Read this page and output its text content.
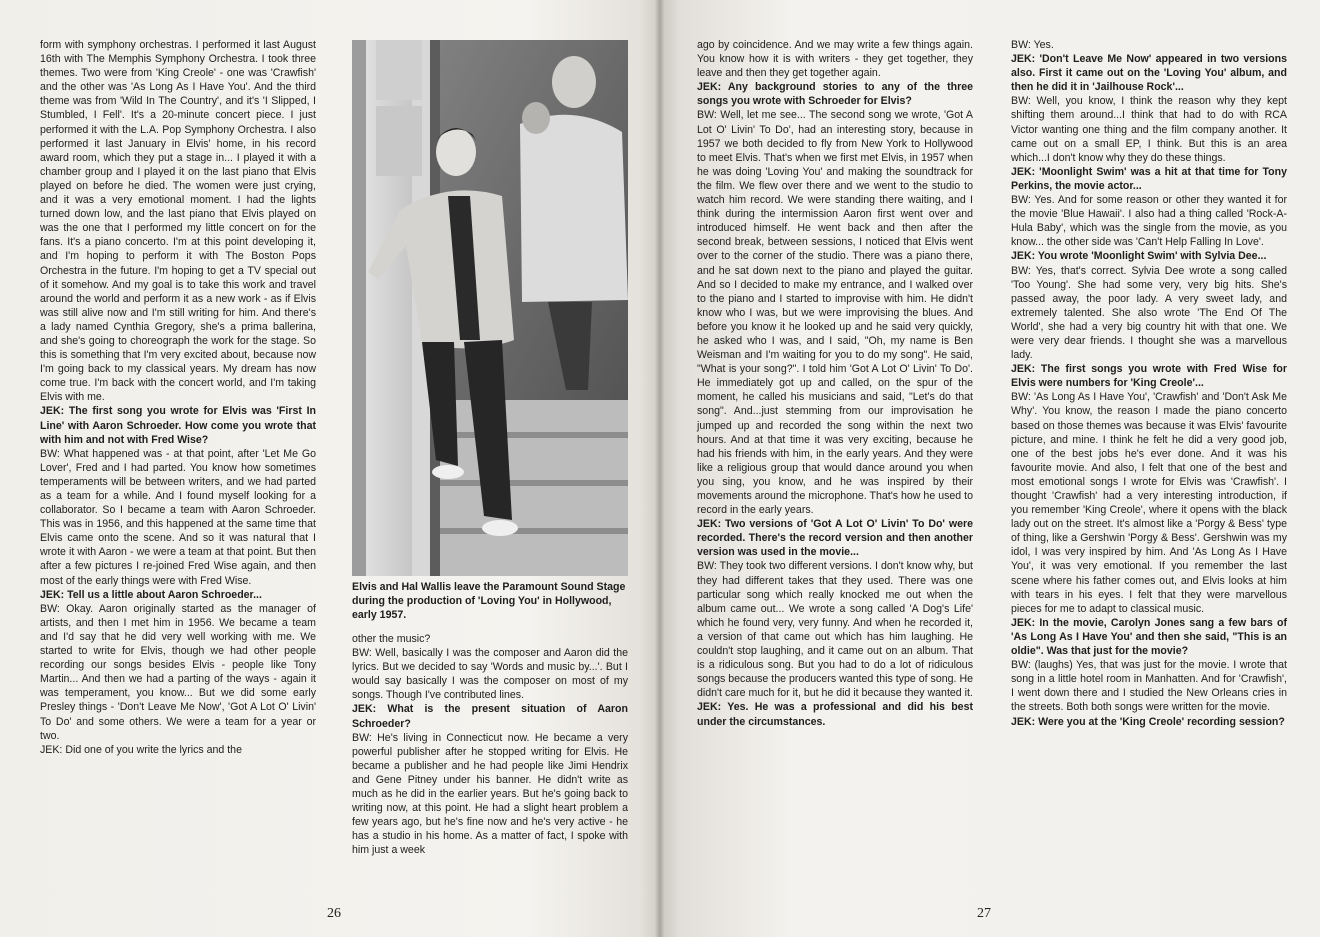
form with symphony orchestras. I performed it last August 16th with The Memphis Symphony Orchestra. I took three themes. Two were from 'King Creole' - one was 'Crawfish' and the other was 'As Long As I Have You'. And the third theme was from 'Wild In The Country', and it's 'I Slipped, I Stumbled, I Fell'. It's a 20-minute concert piece. I just performed it with the L.A. Pop Symphony Orchestra. I also performed it last January in Elvis' home, in his record award room, which they put a stage in... I played it with a chamber group and I played it on the last piano that Elvis played on before he died. The women were just crying, and it was a very emotional moment. I had the lights turned down low, and the last piano that Elvis played on was the one that I performed my little concert on for the fans. It's a piano concerto. I'm at this point developing it, and I'm hoping to perform it with The Boston Pops Orchestra in the future. I'm hoping to get a TV special out of it somehow. And my goal is to take this work and travel around the world and perform it as a new work - as if Elvis was still alive now and I'm still writing for him. And there's a lady named Cynthia Gregory, she's a prima ballerina, and she's going to choreograph the work for the stage. So this is something that I'm very excited about, because now I'm going back to my classical years. My dream has now come true. I'm back with the concert world, and I'm taking Elvis with me.

JEK: The first song you wrote for Elvis was 'First In Line' with Aaron Schroeder. How come you wrote that with him and not with Fred Wise?

BW: What happened was - at that point, after 'Let Me Go Lover', Fred and I had parted. You know how sometimes temperaments will be between writers, and we had parted as a team for a while. And I found myself looking for a collaborator. So I became a team with Aaron Schroeder. This was in 1956, and this happened at the same time that Elvis came onto the scene. And so it was natural that I wrote it with Aaron - we were a team at that point. But then after a few pictures I re-joined Fred Wise again, and then most of the early things were with Fred Wise.

JEK: Tell us a little about Aaron Schroeder...

BW: Okay. Aaron originally started as the manager of artists, and then I met him in 1956. We became a team and I'd say that he did very well working with me. We started to write for Elvis, though we had other people recording our songs besides Elvis - people like Tony Martin... And then we had a parting of the ways - again it was temperament, you know... But we did some early Presley things - 'Don't Leave Me Now', 'Got A Lot O' Livin' To Do' and some others. We were a team for a year or two.

JEK: Did one of you write the lyrics and the

Elvis and Hal Wallis leave the Paramount Sound Stage during the production of 'Loving You' in Hollywood, early 1957.

other the music?

BW: Well, basically I was the composer and Aaron did the lyrics. But we decided to say 'Words and music by...'. But I would say basically I was the composer on most of my songs. Though I've contributed lines.

JEK: What is the present situation of Aaron Schroeder?

BW: He's living in Connecticut now. He became a very powerful publisher after he stopped writing for Elvis. He became a publisher and he had people like Jimi Hendrix and Gene Pitney under his banner. He didn't write as much as he did in the earlier years. But he's going back to writing now, at this point. He had a slight heart problem a few years ago, but he's fine now and he's very active - he has a studio in his home. As a matter of fact, I spoke with him just a week

26

ago by coincidence. And we may write a few things again. You know how it is with writers - they get together, they leave and then they get together again.

JEK: Any background stories to any of the three songs you wrote with Schroeder for Elvis?

BW: Well, let me see... The second song we wrote, 'Got A Lot O' Livin' To Do', had an interesting story, because in 1957 we both decided to fly from New York to Hollywood to meet Elvis. That's when we first met Elvis, in 1957 when he was doing 'Loving You' and making the soundtrack for the film. We flew over there and we went to the studio to watch him record. We were standing there waiting, and I think during the intermission Aaron first went over and introduced himself. He went back and then after the second break, between sessions, I noticed that Elvis went over to the corner of the studio. There was a piano there, and he sat down next to the piano and played the guitar. And so I decided to make my entrance, and I walked over to the piano and I started to improvise with him. He didn't know who I was, but we were improvising the blues. And before you know it he looked up and he said very quickly, he asked who I was, and I said, "Oh, my name is Ben Weisman and I'm waiting for you to do my song". He said, "What is your song?". I told him 'Got A Lot O' Livin' To Do'. He immediately got up and called, on the spur of the moment, he called his musicians and said, "Let's do that song". And...just stemming from our improvisation he jumped up and recorded the song within the next two hours. And at that time it was very exciting, because he had his friends with him, in the early years. And they were like a religious group that would dance around you when you sing, you know, and he was inspired by their movements around the microphone. That's how he used to record in the early years.

JEK: Two versions of 'Got A Lot O' Livin' To Do' were recorded. There's the record version and then another version was used in the movie...

BW: They took two different versions. I don't know why, but they had different takes that they used. There was one particular song which really knocked me out when the album came out... We wrote a song called 'A Dog's Life' which he found very, very funny. And when he recorded it, a version of that came out which has him laughing. He couldn't stop laughing, and it came out on an album. That is a ridiculous song. But you had to do a lot of ridiculous songs because the producers wanted this type of song. He didn't care much for it, but he did it because they wanted it.

JEK: Yes. He was a professional and did his best under the circumstances.

BW: Yes.

JEK: 'Don't Leave Me Now' appeared in two versions also. First it came out on the 'Loving You' album, and then he did it in 'Jailhouse Rock'...

BW: Well, you know, I think the reason why they kept shifting them around...I think that had to do with RCA Victor wanting one thing and the film company another. It came out on a small EP, I think. But this is an area which...I don't know why they do these things.

JEK: 'Moonlight Swim' was a hit at that time for Tony Perkins, the movie actor...

BW: Yes. And for some reason or other they wanted it for the movie 'Blue Hawaii'. I also had a thing called 'Rock-A-Hula Baby', which was the single from the movie, as you know... the other side was 'Can't Help Falling In Love'.

JEK: You wrote 'Moonlight Swim' with Sylvia Dee...

BW: Yes, that's correct. Sylvia Dee wrote a song called 'Too Young'. She had some very, very big hits. She's passed away, the poor lady. A very sweet lady, and extremely talented. She also wrote 'The End Of The World', she had a very big country hit with that one. We were very dear friends. I thought she was a marvellous lady.

JEK: The first songs you wrote with Fred Wise for Elvis were numbers for 'King Creole'...

BW: 'As Long As I Have You', 'Crawfish' and 'Don't Ask Me Why'. You know, the reason I made the piano concerto based on those themes was because it was Elvis' favourite picture, and mine. I think he felt he did a very good job, one of the best jobs he's ever done. And it was his favourite movie. And also, I felt that one of the best and most emotional songs I wrote for Elvis was 'Crawfish'. I thought 'Crawfish' had a very interesting introduction, if you remember 'King Creole', where it opens with the black lady out on the street. It's almost like a 'Porgy & Bess' type of thing, like a Gershwin 'Porgy & Bess'. Gershwin was my idol, I was very inspired by him. And 'As Long As I Have You', it was very emotional. If you remember the last scene where his father comes out, and Elvis looks at him with tears in his eyes. I felt that they were marvellous pieces for me to adapt to classical music.

JEK: In the movie, Carolyn Jones sang a few bars of 'As Long As I Have You' and then she said, "This is an oldie". Was that just for the movie?

BW: (laughs) Yes, that was just for the movie. I wrote that song in a little hotel room in Manhatten. And for 'Crawfish', I went down there and I studied the New Orleans cries in the streets. Both both songs were written for the movie.

JEK: Were you at the 'King Creole' recording session?

27
